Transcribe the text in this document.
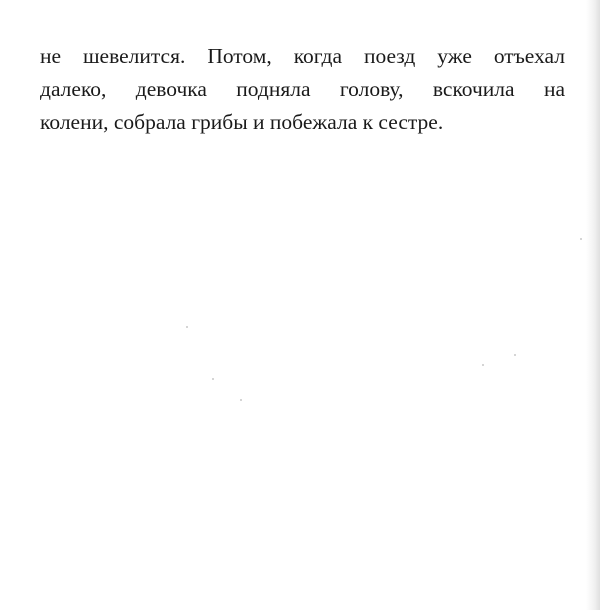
не шевелится. Потом, когда поезд уже отъехал
далеко, девочка подняла голову, вскочила на
колени, собрала грибы и побежала к сестре.
